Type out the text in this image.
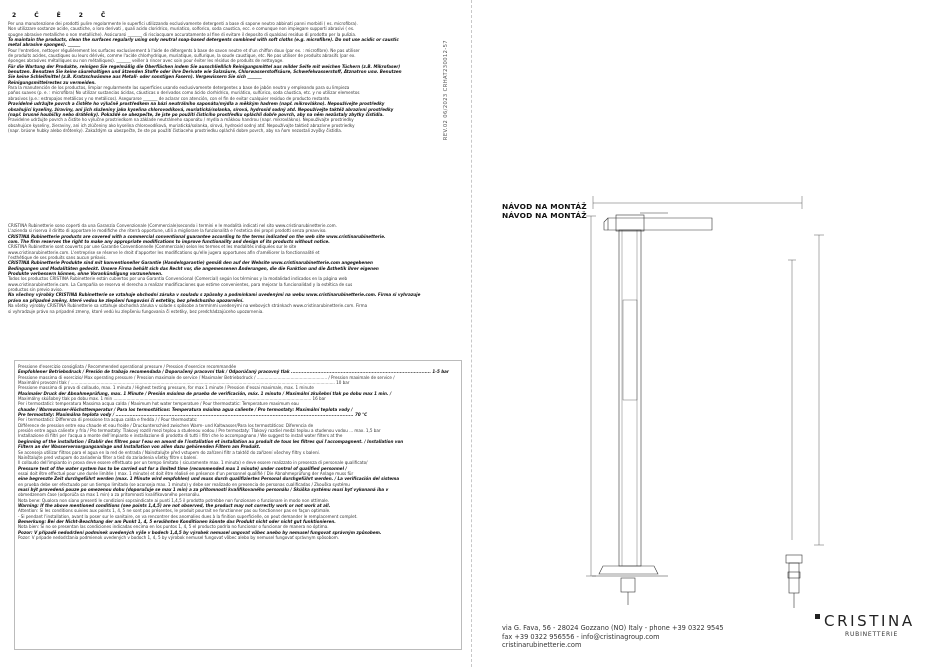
2 Ć É 2 Č
REV.02 06/2023 CRHAT230012-57

Per una manutenzione dei prodotti pulire regolarmente le superfici utilizzando esclusivamente detergenti a base di sapone neutro abbinati panni morbidi ( es. microfibra).

Non utilizzare sostanze acide, caustiche, o loro derivati , quali acido cloridrico, muriatico, solforico, soda caustica, ecc. e comunque non impiegare supporti abrasivi ( es.

spugne abrasive metalliche o non metalliche). Assicurarsi _______ di risciacquare accuratamente al fine di evitare il deposito di qualsiasi residuo di prodotto per la pulizia.

To maintain the products, clean the surfaces regularly using only neutral soap-based detergents combined with soft cloths (e.g. microfibre). Do not use acidic or caustic

metal abrasive sponges). ______

Pour l'entretien, nettoyer régulièrement les surfaces exclusivement à l'aide de détergents à base de savon neutre et d'un chiffon doux (par ex. : microfibre). Ne pas utiliser

de produits acides, caustiques ou leurs dérivés, comme l'acide chlorhydrique, muriatique, sulfurique, la soude caustique, etc. Ne pas utiliser de produits abrasifs (par ex.

éponges abrasives métalliques ou non métalliques). _______ veiller à rincer avec soin pour éviter les résidus de produits de nettoyage.

Für die Wartung der Produkte, reinigen Sie regelmäßig die Oberflächen indem Sie ausschließlich Reinigungsmittel aus milder Seife mit weichen Tüchern (z.B. Mikrofaser)

benutzen. Benutzen Sie keine säurehaltigen und ätzenden Stoffe oder ihre Derivate wie Salzsäure, Chlorwasserstoffsäure, Schwefelwasserstoff, Ätznatron usw. Benutzen

Sie keine Schleifmittel (z.B. Kratzschwämme aus Metall- oder sonstigen Fasern). Vergewissern Sie sich _______

Reinigungsmittelrestes zu vermeiden.

Para la manutención de los productos, limpiar regularmente las superficies usando exclusivamente detergentes a base de jabón neutro y empleando para su limpieza

paños suaves (p. e. : microfibra) No utilizar sustancias ácidas, cáusticas o derivados como ácido clorhídrico, muriático, sulfúrico, soda cáustica, etc. y no utilizar elementos

abrasivos (p.e.: estropajos metálicos y no metálicos). Asegurarse _______ de aclarar con atención, con el fin de evitar cualquier residuo de producto restante.

Pravidelné udržujte povrch a čistěte ho výlučně prostředkem na bázi neutrálního saponátu/mýdla a měkkým hadrem (např. mikrovlákno). Nepoužívejte prostředky

obsahující kyseliny, žíraviny, ani jich služeniny jako kyselina chlorovodíková, muriatická/solanka, sírová, hydroxid sodný atd. Nepoužívejte taktéž abrazivní prostředky

(např. brusné houbičky nebo drátěnky). Pokaždé se ubezpečte, že jste po použití čisticího prostředku opláchli dobře povrch, aby na něm nezůstaly zbytky čistidla.

Pravidelne udržujte povrch a čistite ho výlučne prostriedkom na základe neutrálneho saponátu / mydla a mäkkou handrou (napr. mikrovlákno). Nepoužívajte prostriedky

obsahujúce kyseliny, žieraviny, ani ich zlúčeniny ako kyselina chlorovodíková, muriatická/solanka, sírová, hydroxid sodný atď. Nepoužívajte taktiež abrazívne prostriedky

(napr. brúsne hubky alebo drôtenky). Zakaždým sa ubezpečte, že ste po použití čistiaceho prostriedku opláchli dobre povrch, aby na ňom nezostali zvyšky čistidla.

CRISTINA Rubinetterie sono coperti da una Garanzia Convenzionale (Commerciale)secondo i termini e le modalità indicati nel sito www.cristinarubinetterie.com.

L'azienda si riserva il diritto di apportare le modifiche che riterrà opportune, utili a migliorare la funzionalità e l'estetica dei propri prodotti senza preavviso.

CRISTINA Rubinetterie products are covered with a commercial conventional guarantee according to the terms indicated on the web site www.cristinarubinetterie.

com. The firm reserves the right to make any appropriate modifications to improve functionality and design of its products without notice.

CRISTINA Rubinetterie sont couverts par une Garantie Conventionnelle (Commerciale) selon les termes et les modalités indiquées sur le site

www.cristinarubinetterie.com. L'entreprise se réserve le droit d'apporter les modifications qu'elle jugera opportunes afin d'améliorer la fonctionnalité et

l'esthétique de ses produits sans aucun préavis.

CRISTINA Rubinetterie Produkte sind mit konventioneller Garantie (Handelsgarantie) gemäß den auf der Website www.cristinarubinetterie.com angegebenen

Bedingungen und Modalitäten gedeckt. Unsere Firma behält sich das Recht vor, die angemessenen Änderungen, die die Funktion und die Ästhetik ihrer eigenen

Produkte verbessern können, ohne Vorankündigung vorzunehmen.

Todos los productos CRISTINA Rubinetterie están cubiertos por una Garantía Convencional (Comercial) según los términos y la modalidad indicados en la página web

www.cristinarubinetterie.com. La Compañía se reserva el derecho a realizar modificaciones que estime convenientes, para mejorar la funcionalidad y la estética de sus

productos sin previo aviso.

Na všechny výrobky CRISTINA Rubinetterie se vztahuje obchodní záruka v souladu s způsoby a podmínkami uvedenými na webu www.cristinarubinetterie.com. Firma si vyhrazuje

právo na případné změny, které vedou ke zlepšení fungování či estetiky, bez předchozího upozornění.

Na všetky výrobky CRISTINA Rubinetterie sa vzťahuje obchodná záruka v súlade s spôsobe a termínmi uvedenými na webových stránkach www.cristinarubinetterie.com. Firma

si vyhradzuje právo na prípadné zmeny, ktoré vedú ku zlepšeniu fungovania či estetiky, bez predchádzajúceho upozornenia.

Pressione d'esercizio consigliata / Recommended operational pressure / Pression d'exercice recommandée

Empfohlener Betriebsdruck / Presión de trabajo recomendada / Doporučený pracovní tlak / Odporúčaný pracovný tlak .......................................................................................... 1-5 bar

Pressione massima di esercizio/ Max operating pressure / Pression maximale de service / Maximaler Betriebsdruck / ...................................................... / Pression maximale de service /

Maximální provozní tlak / ........................................................................................................................................................................................................... 10 bar

Pressione massima di prova di collaudo, max. 1 minuto / Highest testing pressure, for max 1 minute / Pression d'essai maximale, max. 1 minute

Maximaler Druck der Abnahmeprüfung, max. 1 Minute / Presión máxima de prueba de verificación, máx. 1 minuto / Maximální zkušební tlak po dobu max 1 min. /

Maximálny skúšobný tlak po dobu max. 1 min ........................................................................................................................................................ 16 bar

Per i termostatici: temperatura Massima acqua calda / Maximum hot water temperature / Pour thermostatic: Temperature maximum eau

chaude / Warmwasser-Höchsttemperatur / Para los termostáticos: Temperatura máxima agua caliente / Pro termostaty: Maximální teplota vody /

Pre termostaty: Maximálna teplota vody / ......................................................................................................................................................... 70 °C

Per i termostatici: Differenza di pressione tra acqua calda e fredda / / Pour thermostats:

Différence de pression entre eau chaude et eau froide / Druckunterschied zwischen Warm- und Kaltwasser/Para los termostáticos: Diferencia de

presión entre agua caliente y fría / Pro termostaty: Tlakový rozdíl mezi teplou a studenou vodou / Pre termostaty: Tlakový rozdiel medzi teplou a studenou vodou ... max. 1,5 bar

Installazione di filtri per l'acqua a monte dell'impianto e installazione di prodotto di tutti i filtri che lo accompagnano / We suggest to install water filters at the

beginning of the installation / Établir des filtres pour l'eau en amont de l'installation et installation au produit de tous les filtres qui l'accompagnent. / Installation von

Filtern an der Wasserversorgungsanlage und Installation von allen dazu gehörenden Filtern am Produkt.

Se aconseja utilizar filtros para el agua en la red de entrada / Nainstalujte před vstupem do zařízení filtr a taktéž do zařízení všechny filtry s balení.

Nainštalujte pred vstupom do zariadenia filter a tiež do zariadenia všetky filtre s balení.

Il collaudo dell'impianto in prova deve essere effettuato per un tempo limitato ( sicuramente max. 1 minuto) e deve essere realizzato in presenza di personale qualificato/

Pressure test of the water system has to be carried out for a limited time (recommended max 1 minute) under control of qualified personnel /

essai doit être effectué pour une durée limitée ( max. 1 minute) et doit être réalisé en présence d'un personnel qualifié / Die Abnahmeprüfung der Anlage muss für

eine begrenzte Zeit durchgeführt werden (max. 1 Minute wird empfohlen) und muss durch qualifiziertes Personal durchgeführt werden. / La verificación del sistema

en prueba debe ser efectuado por un tiempo limitado (se aconseja max. 1 minuto) y debe ser realizado en presencia de personas cualificadas / Zkouška systému

musí být provedená pouze po omezenou dobu (doporučuje se max 1 min) a za přítomnosti kvalifikovaného personálu / Skúška systému musí byť vykonaná iba v

obmedzenom čase (odporúča sa max 1 min) a za prítomnosti kvalifikovaného personálu.

Nota bene: Qualora non siano presenti le condizioni sopraindicate ai punti 1,4,5 il prodotto potrebbe non funzionare o funzionare in modo non ottimale.

Warning: If the above mentioned conditions (see points 1,4,5) are not observed, the product may not correctly work or not work at all.

Attention: Si les conditions suivies aux points 1, 4, 5 ne sont pas présentes, le produit pourrait ne fonctionner pas ou fonctionner pas en façon optimale.

- Si pendant l'installation, avant la poser sur le sanitaire, on va rencontrer des anomalies dues à la finition superficielle, on peut demander le remplacement complet.

Bemerkung: Bei der Nicht-Beachtung der am Punkt 1, 4, 5 erwähnten Konditionen könnte das Produkt nicht oder nicht gut funktionieren.

Nota bien: Si no se presentan las condiciones indicadas encima en los puntos 1, 4, 5 el producto podría no funcionar o funcionar de manera no óptima.

Pozor: V případě nedodržení podmínek uvedených výše v bodech 1,4,5 by výrobek nemusel ungovat vůbec anebo by nemusel fungovat správným způsobem.

Pozor: V prípade nedodržania podmienok uvedených v bodoch 1, 4, 5 by výrobok nemusel fungovať vôbec alebo by nemusel fungovať správnym spôsobom.

NÁVOD NA MONTÁŽ
NÁVOD NA MONTÁŽ
via G. Fava, 56 - 28024 Gozzano (NO) Italy - phone +39 0322 9545
fax +39 0322 956556 - info@cristinagroup.com
cristinarubinetterie.com
CRISTINA
RUBINETTERIE
